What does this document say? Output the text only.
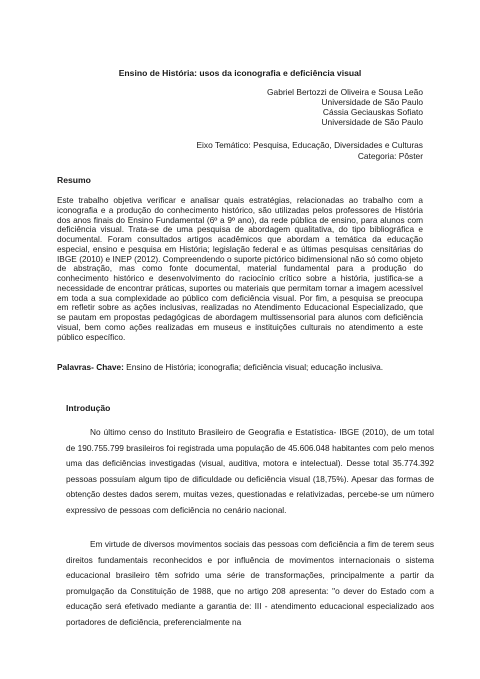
Ensino de História: usos da iconografia e deficiência visual
Gabriel Bertozzi de Oliveira e Sousa Leão
Universidade de São Paulo
Cássia Geciauskas Sofiato
Universidade de São Paulo
Eixo Temático: Pesquisa, Educação, Diversidades e Culturas
Categoria: Pôster
Resumo
Este trabalho objetiva verificar e analisar quais estratégias, relacionadas ao trabalho com a iconografia e a produção do conhecimento histórico, são utilizadas pelos professores de História dos anos finais do Ensino Fundamental (6º a 9º ano), da rede pública de ensino, para alunos com deficiência visual. Trata-se de uma pesquisa de abordagem qualitativa, do tipo bibliográfica e documental. Foram consultados artigos acadêmicos que abordam a temática da educação especial, ensino e pesquisa em História; legislação federal e as últimas pesquisas censitárias do IBGE (2010) e INEP (2012). Compreendendo o suporte pictórico bidimensional não só como objeto de abstração, mas como fonte documental, material fundamental para a produção do conhecimento histórico e desenvolvimento do raciocínio crítico sobre a história, justifica-se a necessidade de encontrar práticas, suportes ou materiais que permitam tornar a imagem acessível em toda a sua complexidade ao público com deficiência visual. Por fim, a pesquisa se preocupa em refletir sobre as ações inclusivas, realizadas no Atendimento Educacional Especializado, que se pautam em propostas pedagógicas de abordagem multissensorial para alunos com deficiência visual, bem como ações realizadas em museus e instituições culturais no atendimento a este público específico.
Palavras- Chave: Ensino de História; iconografia; deficiência visual; educação inclusiva.
Introdução
No último censo do Instituto Brasileiro de Geografia e Estatística- IBGE (2010), de um total de 190.755.799 brasileiros foi registrada uma população de 45.606.048 habitantes com pelo menos uma das deficiências investigadas (visual, auditiva, motora e intelectual). Desse total 35.774.392 pessoas possuíam algum tipo de dificuldade ou deficiência visual (18,75%). Apesar das formas de obtenção destes dados serem, muitas vezes, questionadas e relativizadas, percebe-se um número expressivo de pessoas com deficiência no cenário nacional.
Em virtude de diversos movimentos sociais das pessoas com deficiência a fim de terem seus direitos fundamentais reconhecidos e por influência de movimentos internacionais o sistema educacional brasileiro têm sofrido uma série de transformações, principalmente a partir da promulgação da Constituição de 1988, que no artigo 208 apresenta: "o dever do Estado com a educação será efetivado mediante a garantia de: III - atendimento educacional especializado aos portadores de deficiência, preferencialmente na
